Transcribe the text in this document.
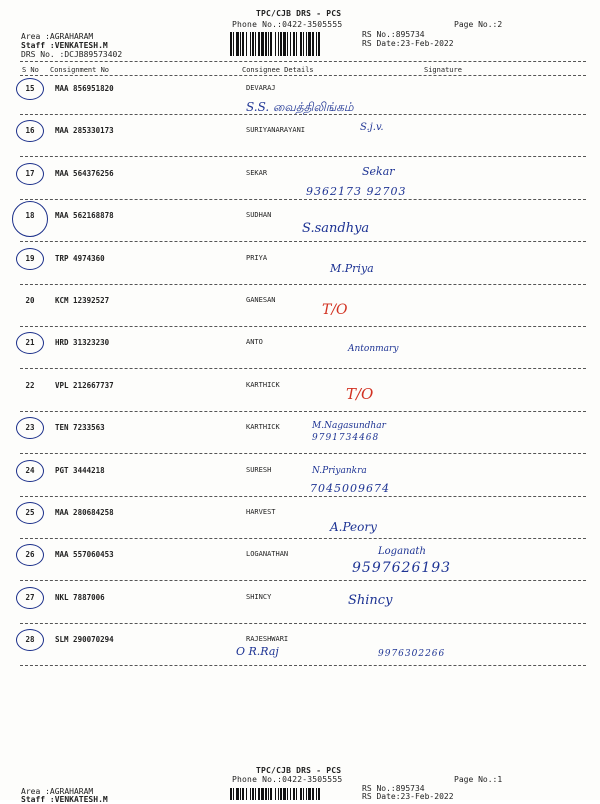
TPC/CJB DRS - PCS
Phone No.:0422-3505555
Area :AGRAHARAM
Staff :VENKATESH.M
DRS No. :DCJB89573402
RS No.:895734
RS Date:23-Feb-2022
Page No.:2
S No Consignment No	Consignee Details	Signature
15	MAA 856951820	DEVARAJ
S.S. வைத்திலிங்கம்
16	MAA 285330173	SURIYANARAYANI	S.j.v.
17	MAA 564376256	SEKAR	Sekar
9362173 92703
18	MAA 562168878	SUDHAN
S.sandhya
19	TRP 4974360	PRIYA
M.Priya
20	KCM 12392527	GANESAN
T/O
21	HRD 31323230	ANTO
Antonmary
22	VPL 212667737	KARTHICK	T/O
23	TEN 7233563	KARTHICK	M.Nagasundhar
9791734468
24	PGT 3444218	SURESH	N.Priyankra
7045009674
25	MAA 280684258	HARVEST
A.Peory
26	MAA 557060453	LOGANATHAN	Loganath
9597626193
27	NKL 7887006	SHINCY	Shincy
28	SLM 290070294	RAJESHWARI
O R.Raj	9976302266
TPC/CJB DRS - PCS
Phone No.:0422-3505555
Area :AGRAHARAM
Staff :VENKATESH.M
RS No.:895734
RS Date:23-Feb-2022
Page No.:1
